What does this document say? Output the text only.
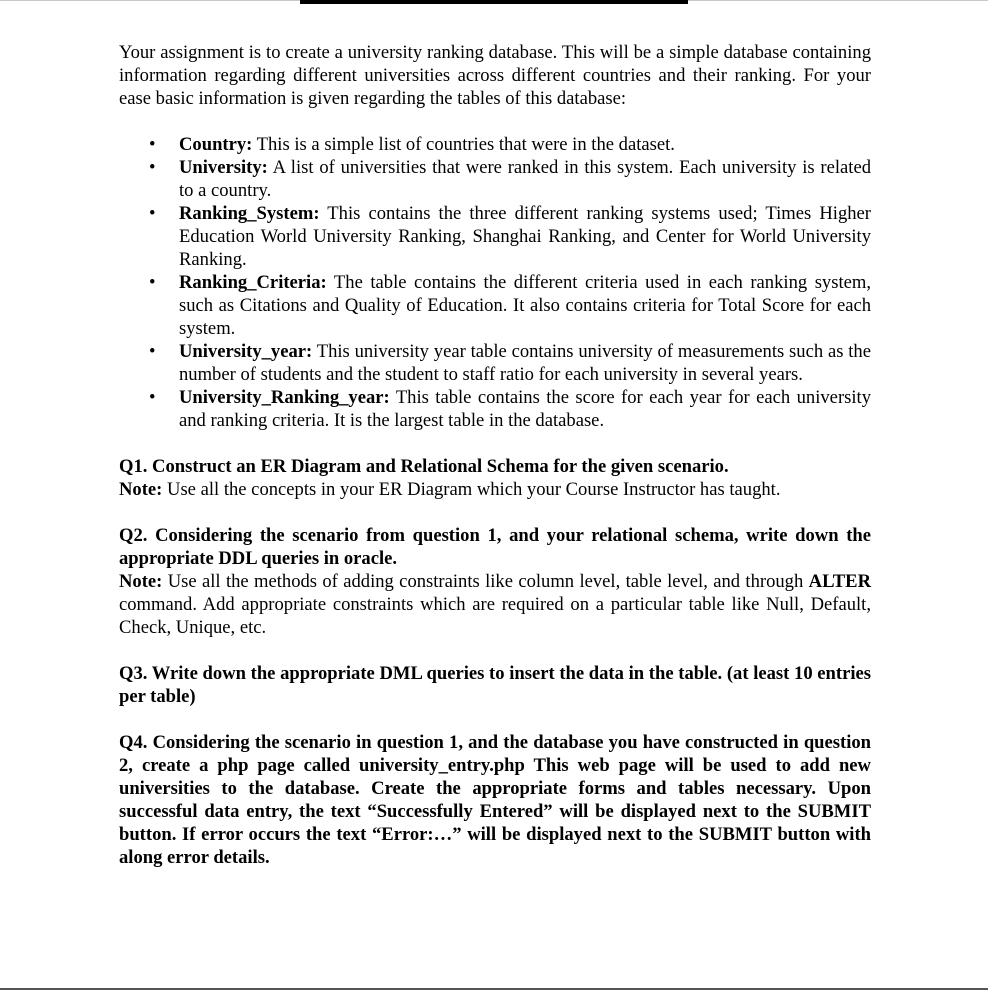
Your assignment is to create a university ranking database. This will be a simple database containing information regarding different universities across different countries and their ranking. For your ease basic information is given regarding the tables of this database:

• Country: This is a simple list of countries that were in the dataset.
• University: A list of universities that were ranked in this system. Each university is related to a country.
• Ranking_System: This contains the three different ranking systems used; Times Higher Education World University Ranking, Shanghai Ranking, and Center for World University Ranking.
• Ranking_Criteria: The table contains the different criteria used in each ranking system, such as Citations and Quality of Education. It also contains criteria for Total Score for each system.
• University_year: This university year table contains university of measurements such as the number of students and the student to staff ratio for each university in several years.
• University_Ranking_year: This table contains the score for each year for each university and ranking criteria. It is the largest table in the database.

Q1. Construct an ER Diagram and Relational Schema for the given scenario.

Note: Use all the concepts in your ER Diagram which your Course Instructor has taught.

Q2. Considering the scenario from question 1, and your relational schema, write down the appropriate DDL queries in oracle.

Note: Use all the methods of adding constraints like column level, table level, and through ALTER command. Add appropriate constraints which are required on a particular table like Null, Default, Check, Unique, etc.

Q3. Write down the appropriate DML queries to insert the data in the table. (at least 10 entries per table)

Q4. Considering the scenario in question 1, and the database you have constructed in question 2, create a php page called university_entry.php This web page will be used to add new universities to the database. Create the appropriate forms and tables necessary. Upon successful data entry, the text “Successfully Entered” will be displayed next to the SUBMIT button. If error occurs the text “Error:…” will be displayed next to the SUBMIT button with along error details.
